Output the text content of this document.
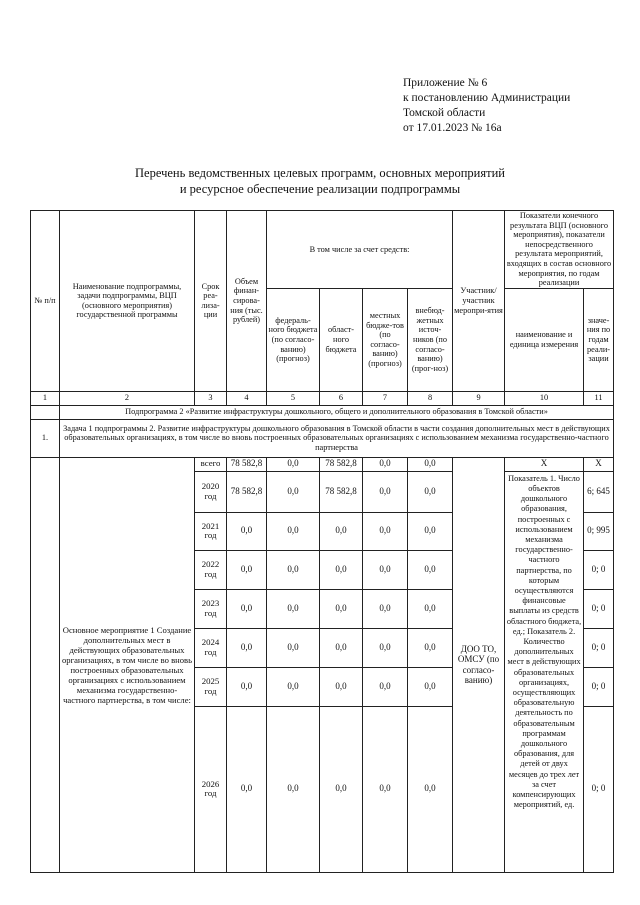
Приложение № 6
к постановлению Администрации
Томской области
от 17.01.2023 № 16а
Перечень ведомственных целевых программ, основных мероприятий
и ресурсное обеспечение реализации подпрограммы
№ п/п	Наименование подпрограммы, задачи подпрограммы, ВЦП (основного мероприятия) государственной программы	Срок реа-лиза-ции	Объем финан-сирова-ния (тыс. рублей)	В том числе за счет средств:				Участник/ участник меропри-ятия	Показатели конечного результата ВЦП (основного мероприятия), показатели непосредственного результата мероприятий, входящих в состав основного мероприятия, по годам реализации	
				федераль-ного бюджета (по согласо-ванию) (прогноз)	област-ного бюджета	местных бюдже-тов (по согласо-ванию) (прогноз)	внебюд-жетных источ-ников (по согласо-ванию) (прог-ноз)		наименование и единица измерения	значе-ния по годам реали-зации
1	2	3	4	5	6	7	8	9	10	11
	Подпрограмма 2 «Развитие инфраструктуры дошкольного, общего и дополнительного образования в Томской области»									
1.	Задача 1 подпрограммы 2. Развитие инфраструктуры дошкольного образования в Томской области в части создания дополнительных мест в действующих образовательных организациях, в том числе во вновь построенных образовательных организациях с использованием механизма государственно-частного партнерства									
	Основное мероприятие 1 Создание дополнительных мест в действующих образовательных организациях, в том числе во вновь построенных образовательных организациях с использованием механизма государственно-частного партнерства, в том числе:	всего	78 582,8	0,0	78 582,8	0,0	0,0	ДОО ТО, ОМСУ (по согласо-ванию)	X	X
		2020 год	78 582,8	0,0	78 582,8	0,0	0,0		Показатель 1. Число объектов дошкольного образования, построенных с использованием механизма государственно-частного партнерства, по которым осуществляются финансовые выплаты из средств областного бюджета, ед.; Показатель 2. Количество дополнительных мест в действующих образовательных организациях, осуществляющих образовательную деятельность по образовательным программам дошкольного образования, для детей от двух месяцев до трех лет за счет компенсирующих мероприятий, ед.	6; 645
		2021 год	0,0	0,0	0,0	0,0	0,0			0; 995
		2022 год	0,0	0,0	0,0	0,0	0,0			0; 0
		2023 год	0,0	0,0	0,0	0,0	0,0			0; 0
		2024 год	0,0	0,0	0,0	0,0	0,0			0; 0
		2025 год	0,0	0,0	0,0	0,0	0,0			0; 0
		2026 год	0,0	0,0	0,0	0,0	0,0			0; 0
